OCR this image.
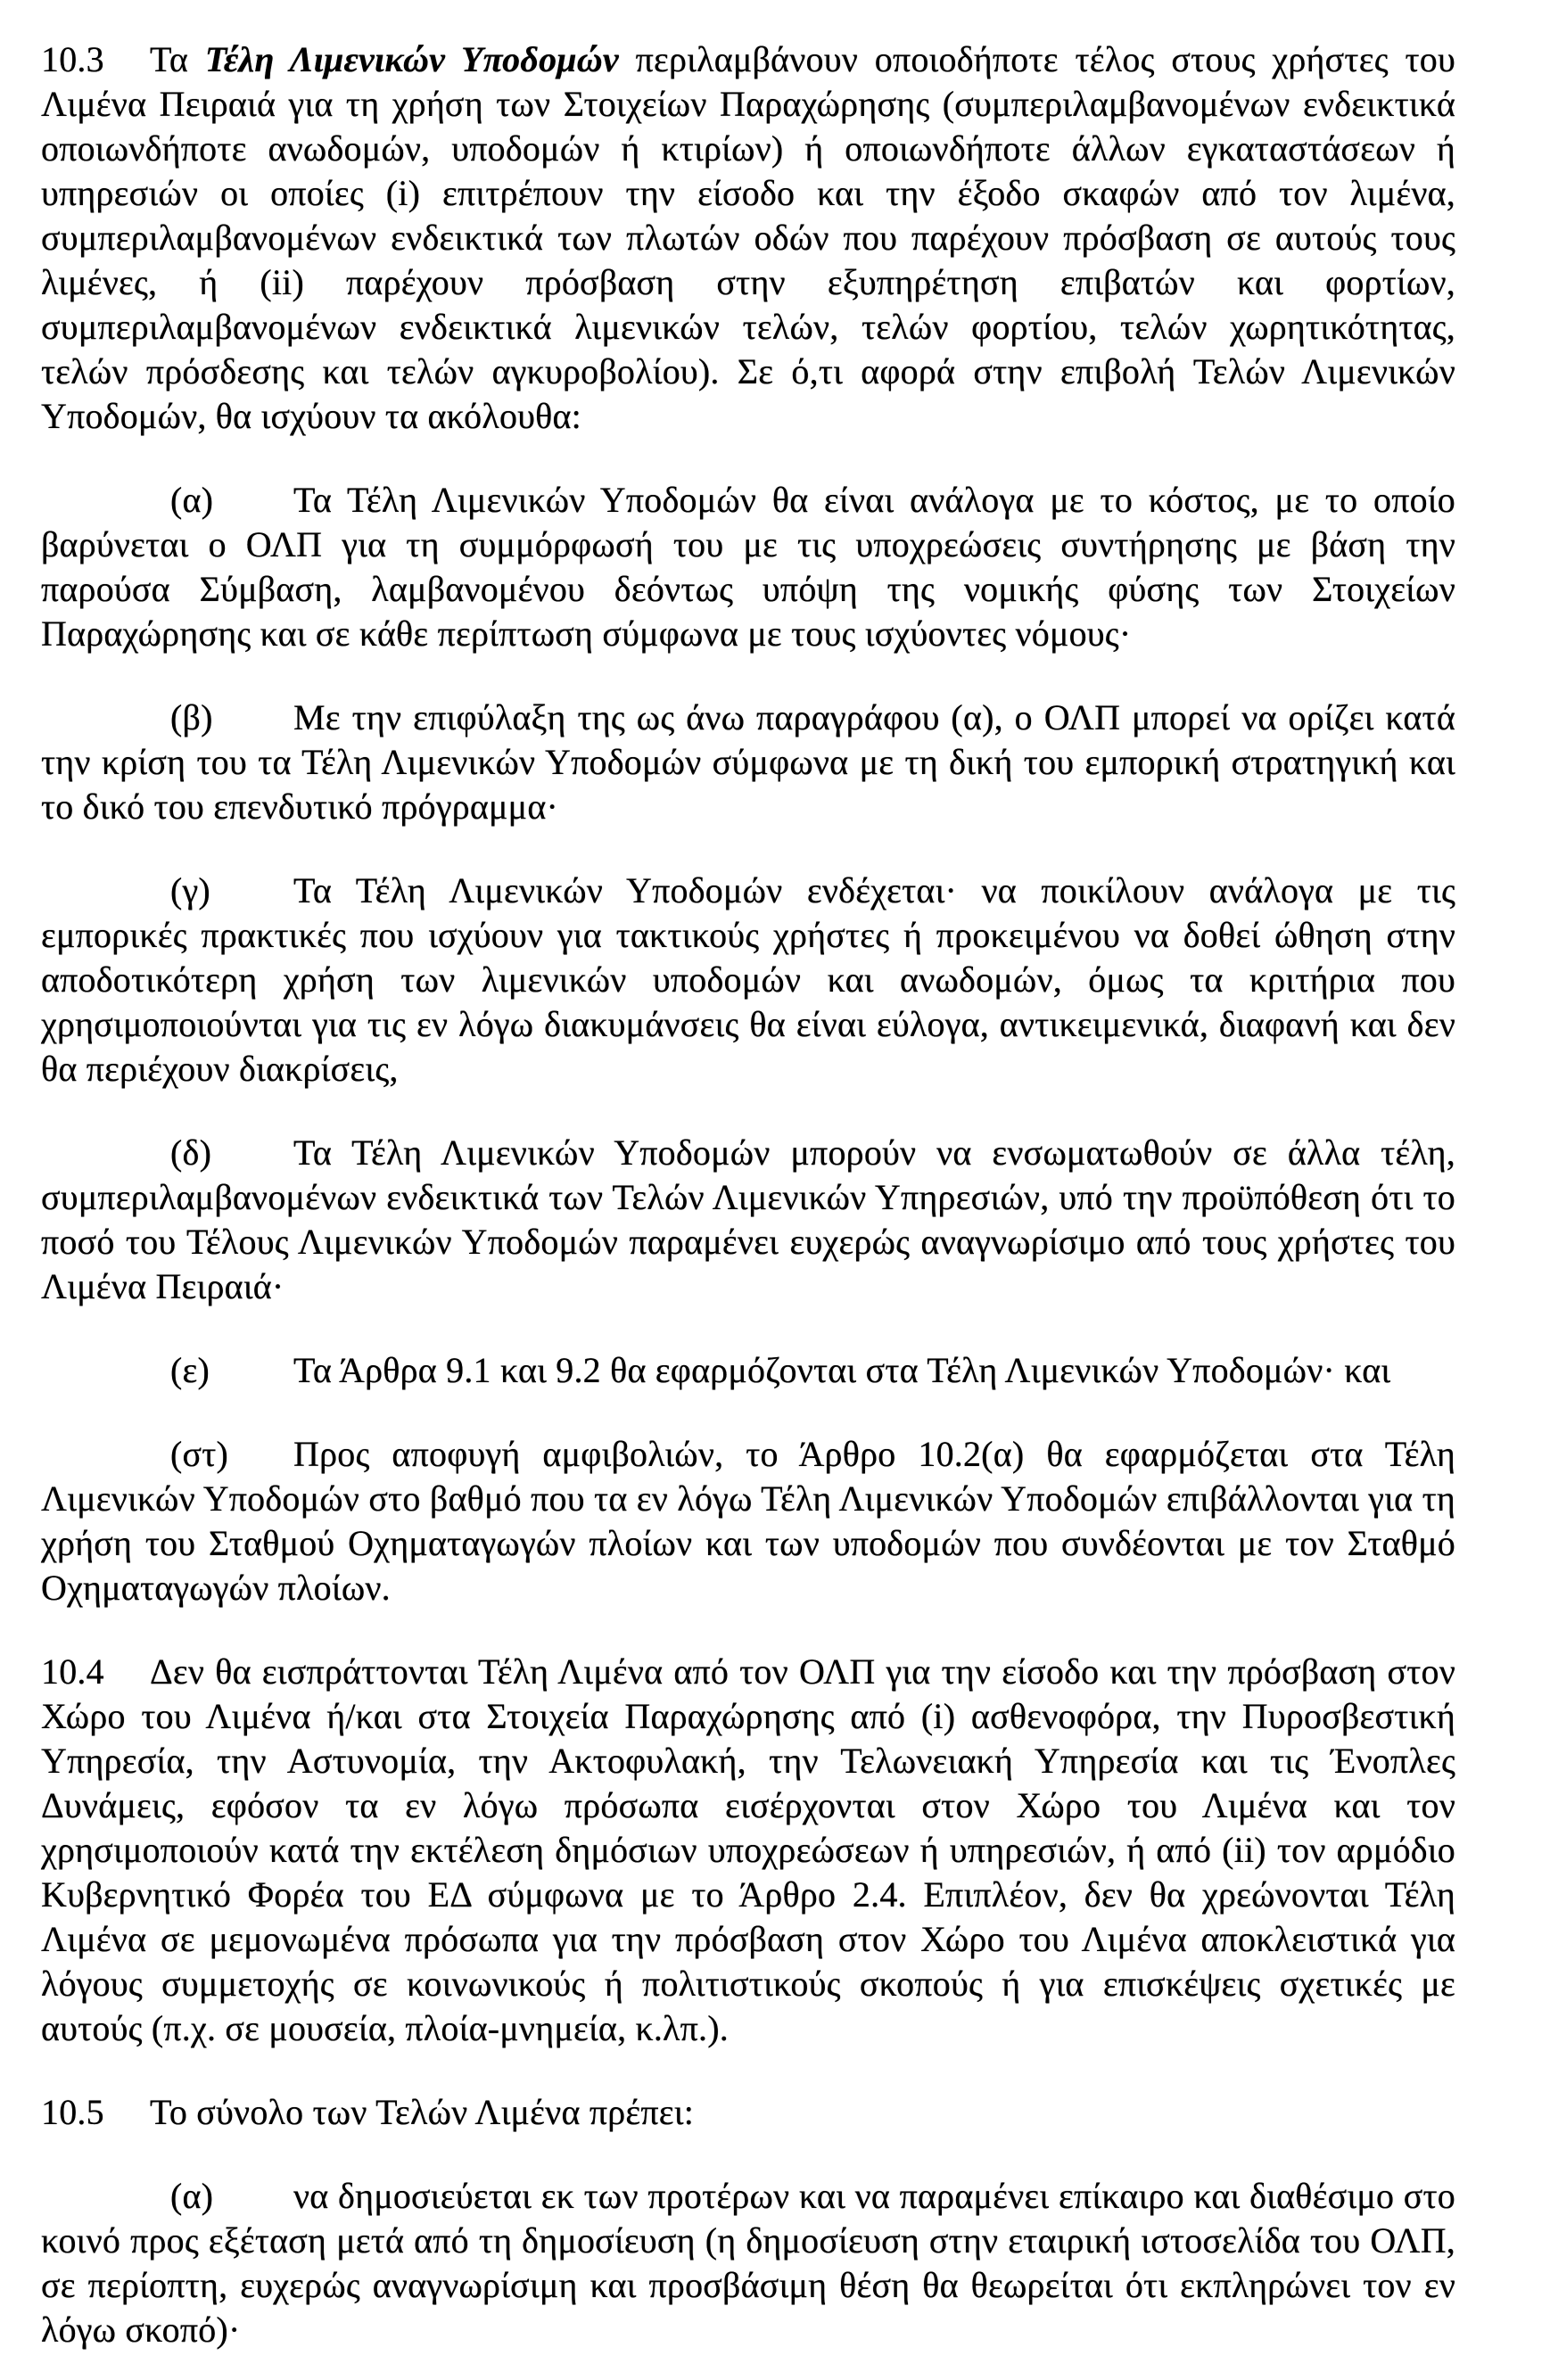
10.3 Τα Τέλη Λιμενικών Υποδομών περιλαμβάνουν οποιοδήποτε τέλος στους χρήστες του Λιμένα Πειραιά για τη χρήση των Στοιχείων Παραχώρησης (συμπεριλαμβανομένων ενδεικτικά οποιωνδήποτε ανωδομών, υποδομών ή κτιρίων) ή οποιωνδήποτε άλλων εγκαταστάσεων ή υπηρεσιών οι οποίες (i) επιτρέπουν την είσοδο και την έξοδο σκαφών από τον λιμένα, συμπεριλαμβανομένων ενδεικτικά των πλωτών οδών που παρέχουν πρόσβαση σε αυτούς τους λιμένες, ή (ii) παρέχουν πρόσβαση στην εξυπηρέτηση επιβατών και φορτίων, συμπεριλαμβανομένων ενδεικτικά λιμενικών τελών, τελών φορτίου, τελών χωρητικότητας, τελών πρόσδεσης και τελών αγκυροβολίου). Σε ό,τι αφορά στην επιβολή Τελών Λιμενικών Υποδομών, θα ισχύουν τα ακόλουθα:

(α) Τα Τέλη Λιμενικών Υποδομών θα είναι ανάλογα με το κόστος, με το οποίο βαρύνεται ο ΟΛΠ για τη συμμόρφωσή του με τις υποχρεώσεις συντήρησης με βάση την παρούσα Σύμβαση, λαμβανομένου δεόντως υπόψη της νομικής φύσης των Στοιχείων Παραχώρησης και σε κάθε περίπτωση σύμφωνα με τους ισχύοντες νόμους·

(β) Με την επιφύλαξη της ως άνω παραγράφου (α), ο ΟΛΠ μπορεί να ορίζει κατά την κρίση του τα Τέλη Λιμενικών Υποδομών σύμφωνα με τη δική του εμπορική στρατηγική και το δικό του επενδυτικό πρόγραμμα·

(γ) Τα Τέλη Λιμενικών Υποδομών ενδέχεται· να ποικίλουν ανάλογα με τις εμπορικές πρακτικές που ισχύουν για τακτικούς χρήστες ή προκειμένου να δοθεί ώθηση στην αποδοτικότερη χρήση των λιμενικών υποδομών και ανωδομών, όμως τα κριτήρια που χρησιμοποιούνται για τις εν λόγω διακυμάνσεις θα είναι εύλογα, αντικειμενικά, διαφανή και δεν θα περιέχουν διακρίσεις,

(δ) Τα Τέλη Λιμενικών Υποδομών μπορούν να ενσωματωθούν σε άλλα τέλη, συμπεριλαμβανομένων ενδεικτικά των Τελών Λιμενικών Υπηρεσιών, υπό την προϋπόθεση ότι το ποσό του Τέλους Λιμενικών Υποδομών παραμένει ευχερώς αναγνωρίσιμο από τους χρήστες του Λιμένα Πειραιά·

(ε) Τα Άρθρα 9.1 και 9.2 θα εφαρμόζονται στα Τέλη Λιμενικών Υποδομών· και

(στ) Προς αποφυγή αμφιβολιών, το Άρθρο 10.2(α) θα εφαρμόζεται στα Τέλη Λιμενικών Υποδομών στο βαθμό που τα εν λόγω Τέλη Λιμενικών Υποδομών επιβάλλονται για τη χρήση του Σταθμού Οχηματαγωγών πλοίων και των υποδομών που συνδέονται με τον Σταθμό Οχηματαγωγών πλοίων.

10.4 Δεν θα εισπράττονται Τέλη Λιμένα από τον ΟΛΠ για την είσοδο και την πρόσβαση στον Χώρο του Λιμένα ή/και στα Στοιχεία Παραχώρησης από (i) ασθενοφόρα, την Πυροσβεστική Υπηρεσία, την Αστυνομία, την Ακτοφυλακή, την Τελωνειακή Υπηρεσία και τις Ένοπλες Δυνάμεις, εφόσον τα εν λόγω πρόσωπα εισέρχονται στον Χώρο του Λιμένα και τον χρησιμοποιούν κατά την εκτέλεση δημόσιων υποχρεώσεων ή υπηρεσιών, ή από (ii) τον αρμόδιο Κυβερνητικό Φορέα του ΕΔ σύμφωνα με το Άρθρο 2.4. Επιπλέον, δεν θα χρεώνονται Τέλη Λιμένα σε μεμονωμένα πρόσωπα για την πρόσβαση στον Χώρο του Λιμένα αποκλειστικά για λόγους συμμετοχής σε κοινωνικούς ή πολιτιστικούς σκοπούς ή για επισκέψεις σχετικές με αυτούς (π.χ. σε μουσεία, πλοία-μνημεία, κ.λπ.).

10.5 Το σύνολο των Τελών Λιμένα πρέπει:

(α) να δημοσιεύεται εκ των προτέρων και να παραμένει επίκαιρο και διαθέσιμο στο κοινό προς εξέταση μετά από τη δημοσίευση (η δημοσίευση στην εταιρική ιστοσελίδα του ΟΛΠ, σε περίοπτη, ευχερώς αναγνωρίσιμη και προσβάσιμη θέση θα θεωρείται ότι εκπληρώνει τον εν λόγω σκοπό)·
